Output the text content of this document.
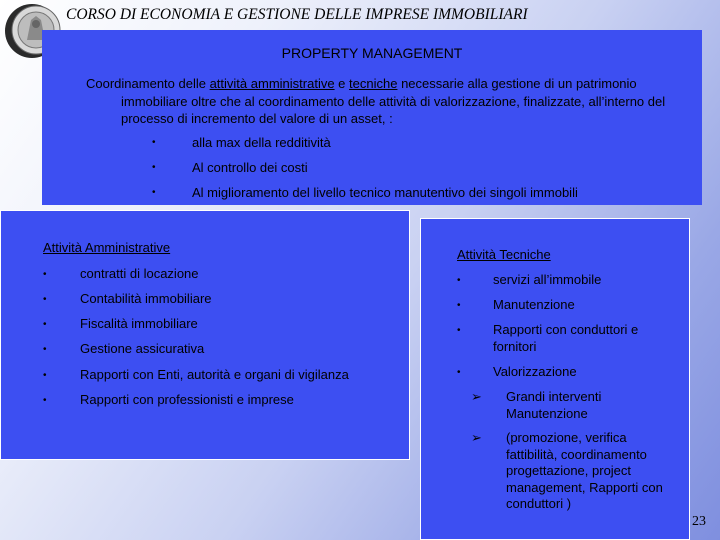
CORSO DI ECONOMIA E GESTIONE DELLE IMPRESE IMMOBILIARI
PROPERTY MANAGEMENT

Coordinamento delle attività amministrative e tecniche necessarie alla gestione di un patrimonio immobiliare oltre che al coordinamento delle attività di valorizzazione, finalizzate, all’interno del processo di incremento del valore di un asset, :

•	alla max della redditività
•	Al controllo dei costi
•	Al miglioramento del livello tecnico manutentivo dei singoli immobili
Attività Amministrative
•	contratti di locazione
•	Contabilità immobiliare
•	Fiscalità immobiliare
•	Gestione assicurativa
•	Rapporti con Enti, autorità e organi di vigilanza
•	Rapporti con professionisti e imprese
Attività Tecniche
• servizi all’immobile
• Manutenzione
• Rapporti con conduttori e fornitori
• Valorizzazione
➢ Grandi interventi Manutenzione
➢ (promozione, verifica fattibilità, coordinamento progettazione, project management, Rapporti con conduttori )
23
